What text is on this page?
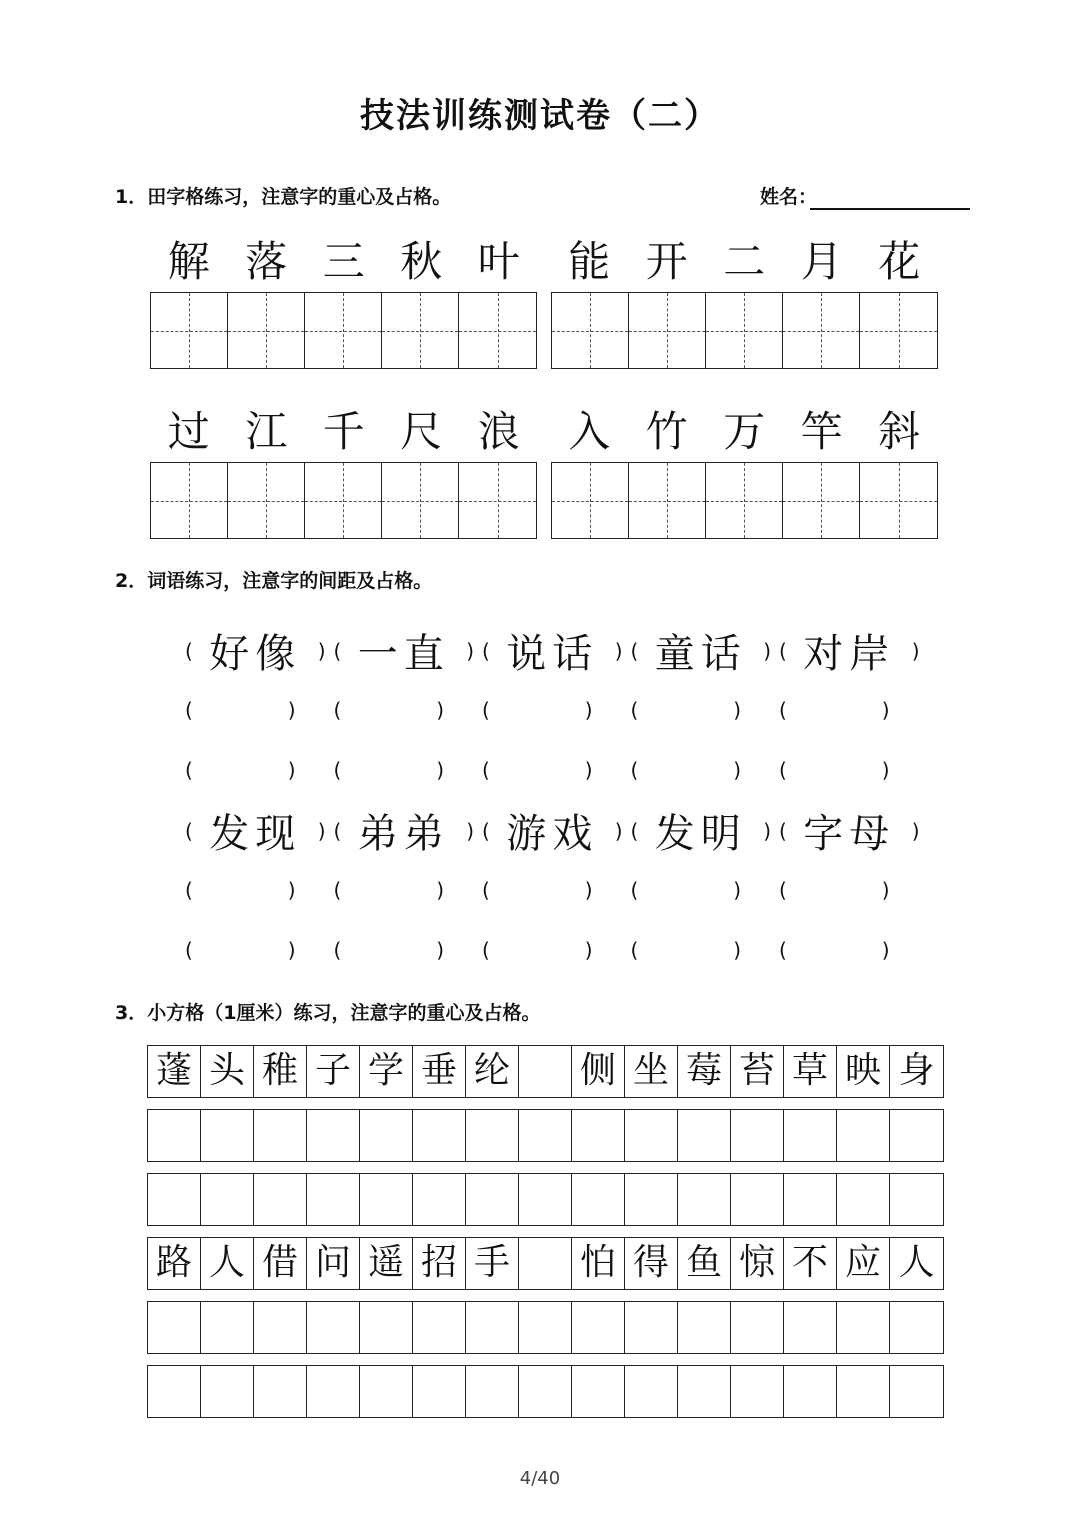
技法训练测试卷（二）
1．田字格练习，注意字的重心及占格。	姓名：
解 落 三 秋 叶	能 开 二 月 花
过 江 千 尺 浪	入 竹 万 竿 斜
2．词语练习，注意字的间距及占格。
( 好像 ) ( 一直 ) ( 说话 ) ( 童话 ) ( 对岸 )
(	) (	) (	) (	) (	)
(	) (	) (	) (	) (	)
( 发现 ) ( 弟弟 ) ( 游戏 ) ( 发明 ) ( 字母 )
(	) (	) (	) (	) (	)
(	) (	) (	) (	) (	)
3．小方格（1厘米）练习，注意字的重心及占格。
蓬 头 稚 子 学 垂 纶 侧 坐 莓 苔 草 映 身
路 人 借 问 遥 招 手 怕 得 鱼 惊 不 应 人
4/40
